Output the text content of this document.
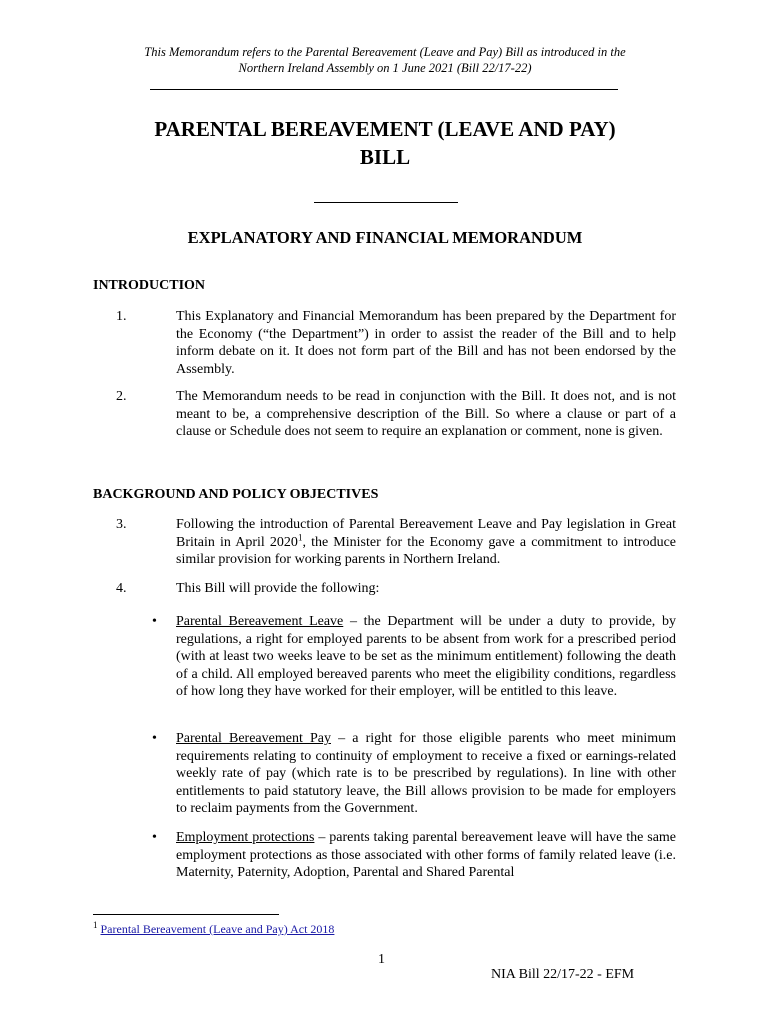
This Memorandum refers to the Parental Bereavement (Leave and Pay) Bill as introduced in the
Northern Ireland Assembly on 1 June 2021 (Bill 22/17-22)
PARENTAL BEREAVEMENT (LEAVE AND PAY)
BILL
EXPLANATORY AND FINANCIAL MEMORANDUM
INTRODUCTION
1.	This Explanatory and Financial Memorandum has been prepared by the Department for the Economy (“the Department”) in order to assist the reader of the Bill and to help inform debate on it. It does not form part of the Bill and has not been endorsed by the Assembly.
2.	The Memorandum needs to be read in conjunction with the Bill. It does not, and is not meant to be, a comprehensive description of the Bill. So where a clause or part of a clause or Schedule does not seem to require an explanation or comment, none is given.
BACKGROUND AND POLICY OBJECTIVES
3.	Following the introduction of Parental Bereavement Leave and Pay legislation in Great Britain in April 2020$^1$, the Minister for the Economy gave a commitment to introduce similar provision for working parents in Northern Ireland.
4.	This Bill will provide the following:
• Parental Bereavement Leave – the Department will be under a duty to provide, by regulations, a right for employed parents to be absent from work for a prescribed period (with at least two weeks leave to be set as the minimum entitlement) following the death of a child. All employed bereaved parents who meet the eligibility conditions, regardless of how long they have worked for their employer, will be entitled to this leave.
• Parental Bereavement Pay – a right for those eligible parents who meet minimum requirements relating to continuity of employment to receive a fixed or earnings-related weekly rate of pay (which rate is to be prescribed by regulations). In line with other entitlements to paid statutory leave, the Bill allows provision to be made for employers to reclaim payments from the Government.
• Employment protections – parents taking parental bereavement leave will have the same employment protections as those associated with other forms of family related leave (i.e. Maternity, Paternity, Adoption, Parental and Shared Parental
$^1$ Parental Bereavement (Leave and Pay) Act 2018
1
NIA Bill 22/17-22 - EFM
